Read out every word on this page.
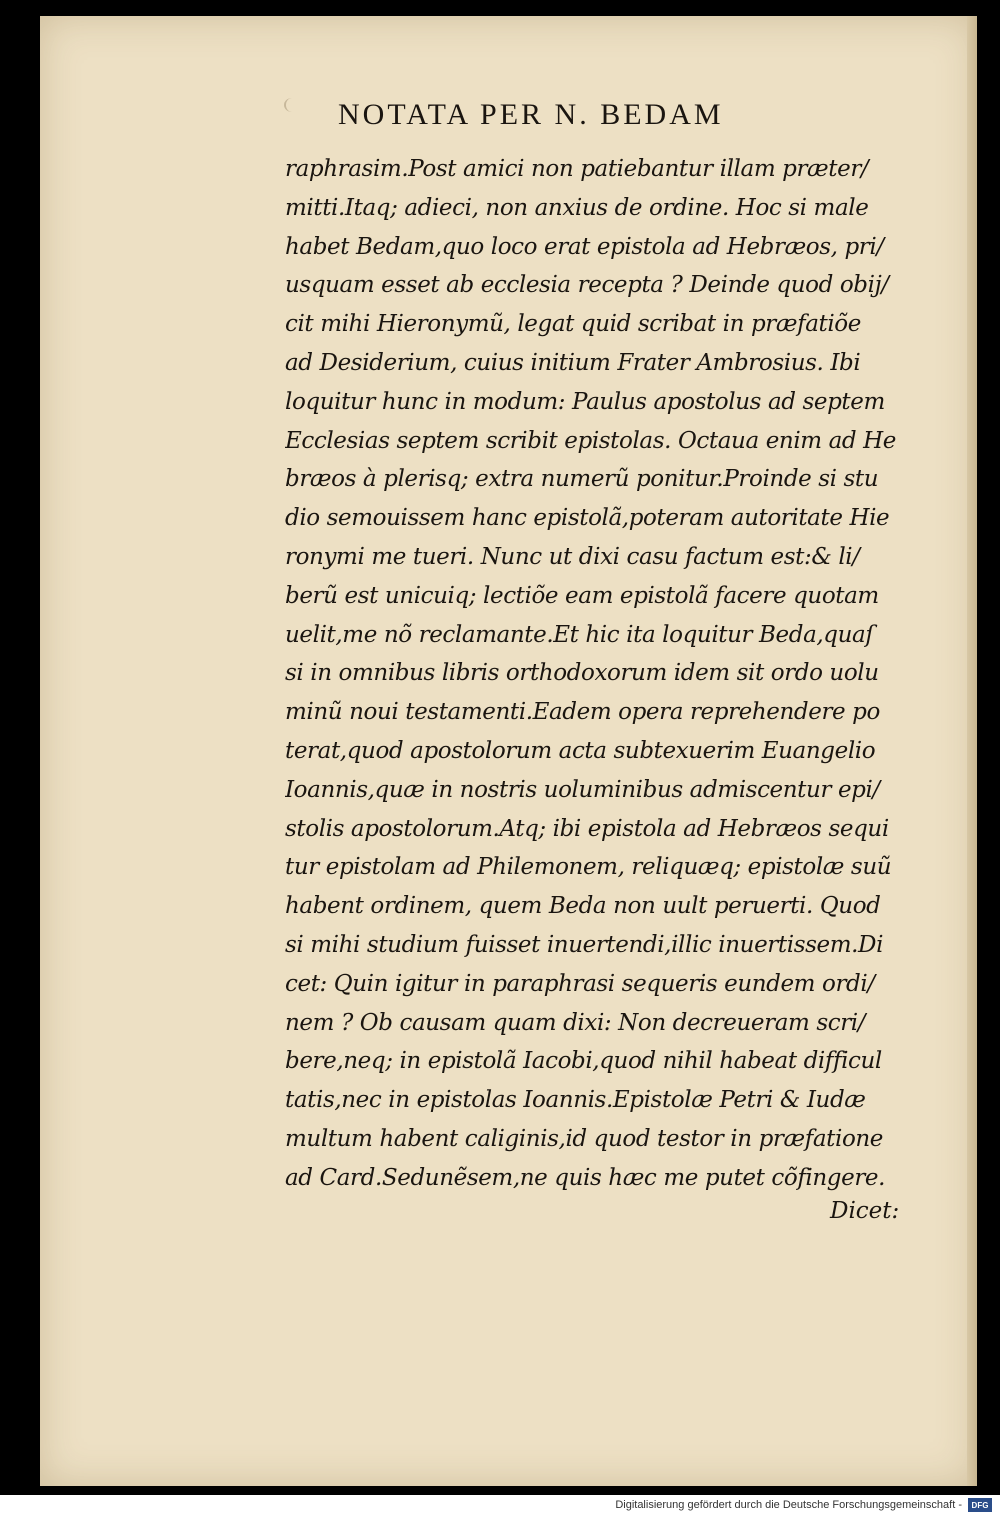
NOTATA PER N. BEDAM
raphrasim.Post amici non patiebantur illam præter/
mitti.Itaq; adieci, non anxius de ordine. Hoc si male
habet Bedam,quo loco erat epistola ad Hebræos, pri/
usquam esset ab ecclesia recepta ? Deinde quod obij/
cit mihi Hieronymũ, legat quid scribat in præfatiõe
ad Desiderium, cuius initium Frater Ambrosius. Ibi
loquitur hunc in modum: Paulus apostolus ad septem
Ecclesias septem scribit epistolas. Octaua enim ad He
bræos à plerisq; extra numerũ ponitur.Proinde si stu
dio semouissem hanc epistolã,poteram autoritate Hie
ronymi me tueri. Nunc ut dixi casu factum est:& li/
berũ est unicuiq; lectiõe eam epistolã facere quotam
uelit,me nõ reclamante.Et hic ita loquitur Beda,quaſ
si in omnibus libris orthodoxorum idem sit ordo uolu
minũ noui testamenti.Eadem opera reprehendere po
terat,quod apostolorum acta subtexuerim Euangelio
Ioannis,quæ in nostris uoluminibus admiscentur epi/
stolis apostolorum.Atq; ibi epistola ad Hebræos sequi
tur epistolam ad Philemonem, reliquæq; epistolæ suũ
habent ordinem, quem Beda non uult peruerti. Quod
si mihi studium fuisset inuertendi,illic inuertissem.Di
cet: Quin igitur in paraphrasi sequeris eundem ordi/
nem ? Ob causam quam dixi: Non decreueram scri/
bere,neq; in epistolã Iacobi,quod nihil habeat difficul
tatis,nec in epistolas Ioannis.Epistolæ Petri & Iudæ
multum habent caliginis,id quod testor in præfatione
ad Card.Sedunẽsem,ne quis hæc me putet cõfingere.
Dicet:
Digitalisierung gefördert durch die Deutsche Forschungsgemeinschaft -	DFG
